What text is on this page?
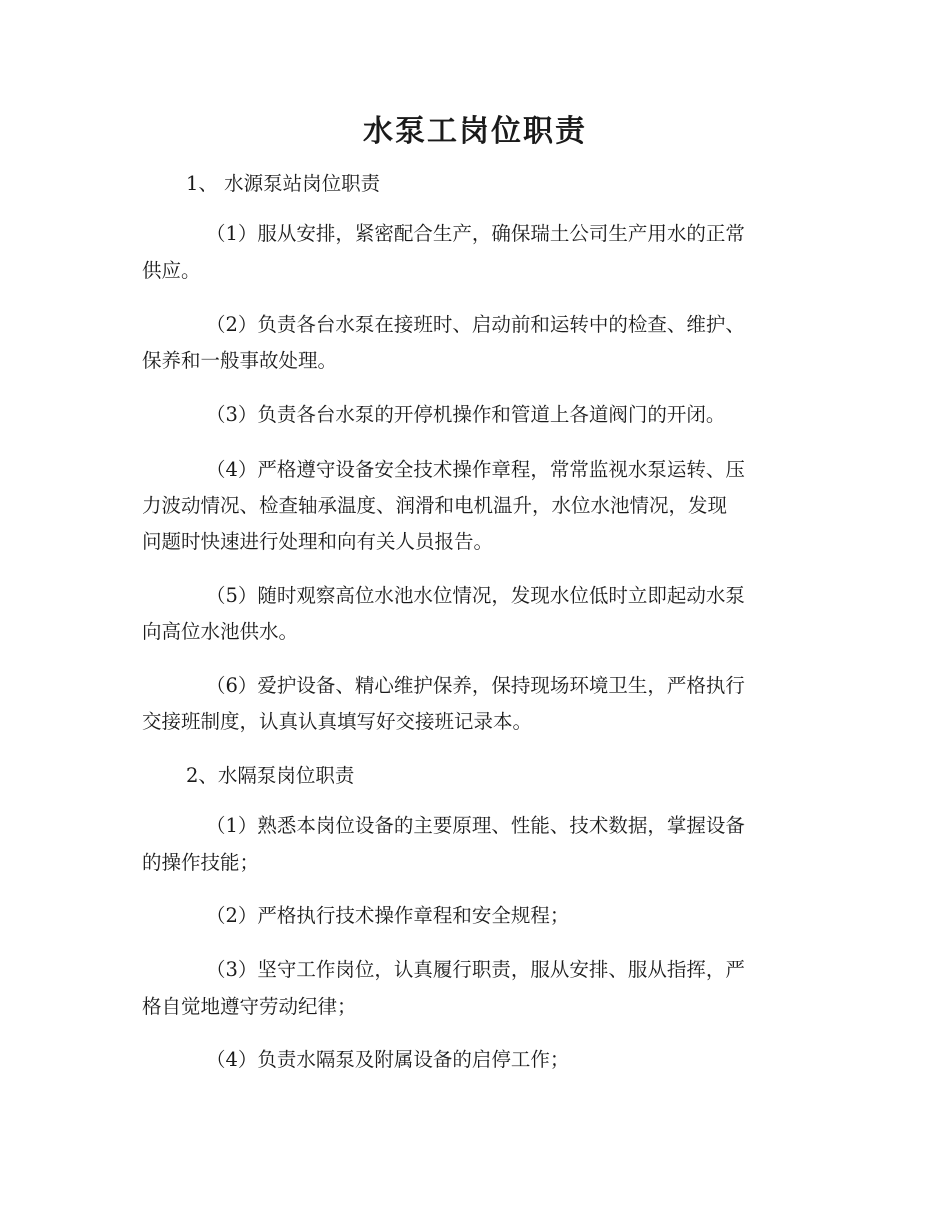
水泵工岗位职责
1、 水源泵站岗位职责
（1）服从安排，紧密配合生产，确保瑞土公司生产用水的正常
供应。
（2）负责各台水泵在接班时、启动前和运转中的检查、维护、
保养和一般事故处理。
（3）负责各台水泵的开停机操作和管道上各道阀门的开闭。
（4）严格遵守设备安全技术操作章程，常常监视水泵运转、压
力波动情况、检查轴承温度、润滑和电机温升，水位水池情况，发现
问题时快速进行处理和向有关人员报告。
（5）随时观察高位水池水位情况，发现水位低时立即起动水泵
向高位水池供水。
（6）爱护设备、精心维护保养，保持现场环境卫生，严格执行
交接班制度，认真认真填写好交接班记录本。
2、水隔泵岗位职责
（1）熟悉本岗位设备的主要原理、性能、技术数据，掌握设备
的操作技能；
（2）严格执行技术操作章程和安全规程；
（3）坚守工作岗位，认真履行职责，服从安排、服从指挥，严
格自觉地遵守劳动纪律；
（4）负责水隔泵及附属设备的启停工作；
